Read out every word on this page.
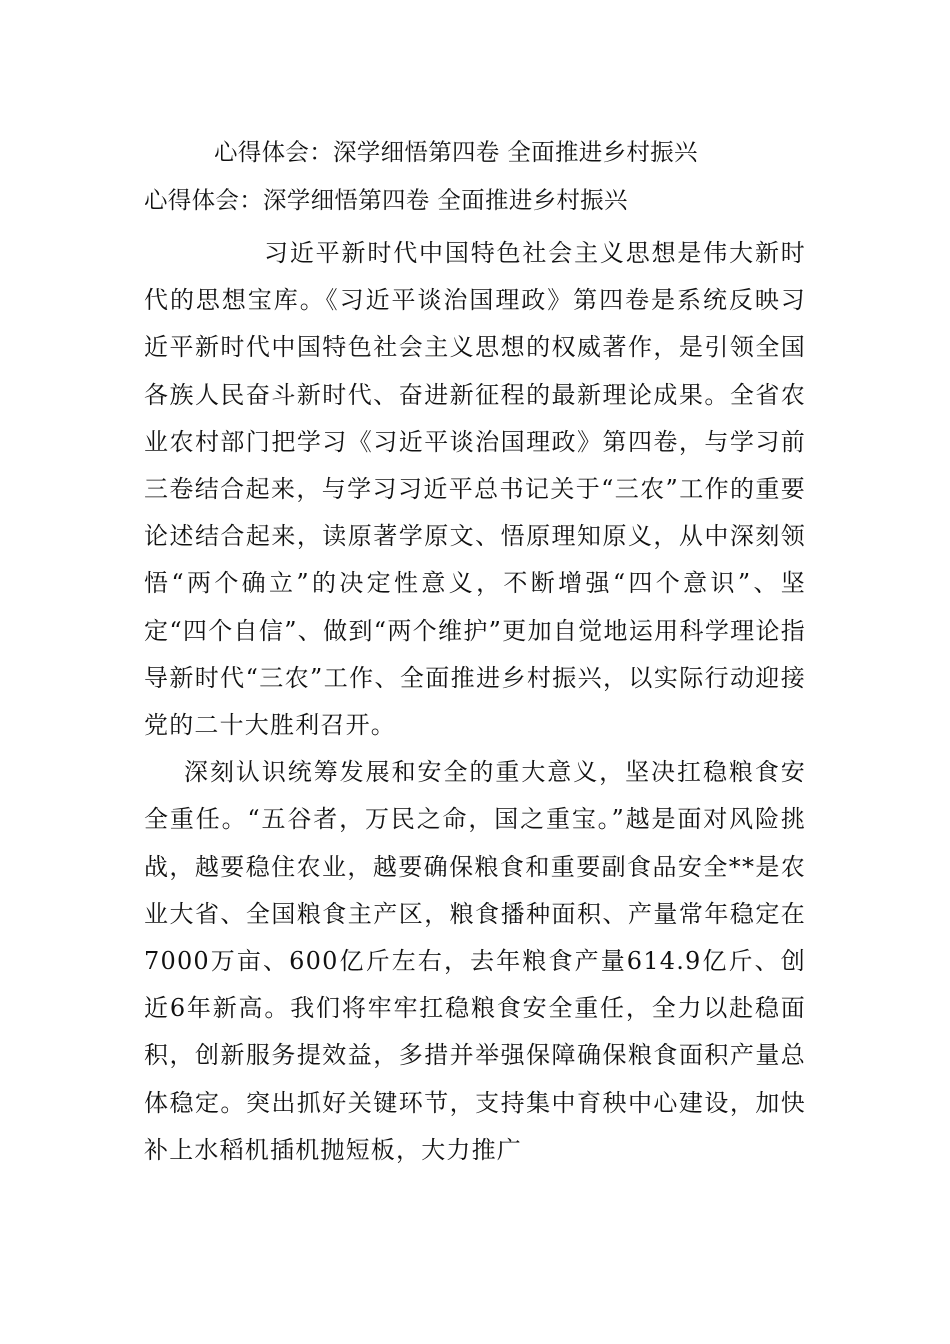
心得体会：深学细悟第四卷 全面推进乡村振兴
心得体会：深学细悟第四卷 全面推进乡村振兴

习近平新时代中国特色社会主义思想是伟大新时代的思想宝库。《习近平谈治国理政》第四卷是系统反映习近平新时代中国特色社会主义思想的权威著作，是引领全国各族人民奋斗新时代、奋进新征程的最新理论成果。全省农业农村部门把学习《习近平谈治国理政》第四卷，与学习前三卷结合起来，与学习习近平总书记关于“三农”工作的重要论述结合起来，读原著学原文、悟原理知原义，从中深刻领悟“两个确立”的决定性意义，不断增强“四个意识”、坚定“四个自信”、做到“两个维护”更加自觉地运用科学理论指导新时代“三农”工作、全面推进乡村振兴，以实际行动迎接党的二十大胜利召开。

深刻认识统筹发展和安全的重大意义，坚决扛稳粮食安全重任。“五谷者，万民之命，国之重宝。”越是面对风险挑战，越要稳住农业，越要确保粮食和重要副食品安全**是农业大省、全国粮食主产区，粮食播种面积、产量常年稳定在7000万亩、600亿斤左右，去年粮食产量614.9亿斤、创近6年新高。我们将牢牢扛稳粮食安全重任，全力以赴稳面积，创新服务提效益，多措并举强保障确保粮食面积产量总体稳定。突出抓好关键环节，支持集中育秧中心建设，加快补上水稻机插机抛短板，大力推广
